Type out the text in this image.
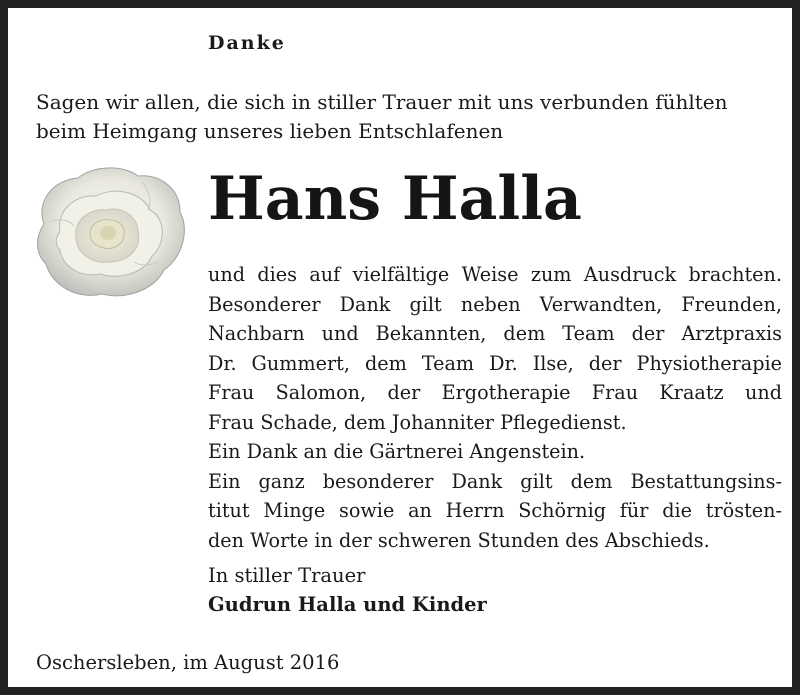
Danke
Sagen wir allen, die sich in stiller Trauer mit uns verbunden fühlten
beim Heimgang unseres lieben Entschlafenen
Hans Halla
und dies auf vielfältige Weise zum Ausdruck brachten.
Besonderer Dank gilt neben Verwandten, Freunden,
Nachbarn und Bekannten, dem Team der Arztpraxis
Dr. Gummert, dem Team Dr. Ilse, der Physiotherapie
Frau Salomon, der Ergotherapie Frau Kraatz und
Frau Schade, dem Johanniter Pflegedienst.
Ein Dank an die Gärtnerei Angenstein.
Ein ganz besonderer Dank gilt dem Bestattungsins-
titut Minge sowie an Herrn Schörnig für die trösten-
den Worte in der schweren Stunden des Abschieds.
In stiller Trauer
Gudrun Halla und Kinder
Oschersleben, im August 2016
